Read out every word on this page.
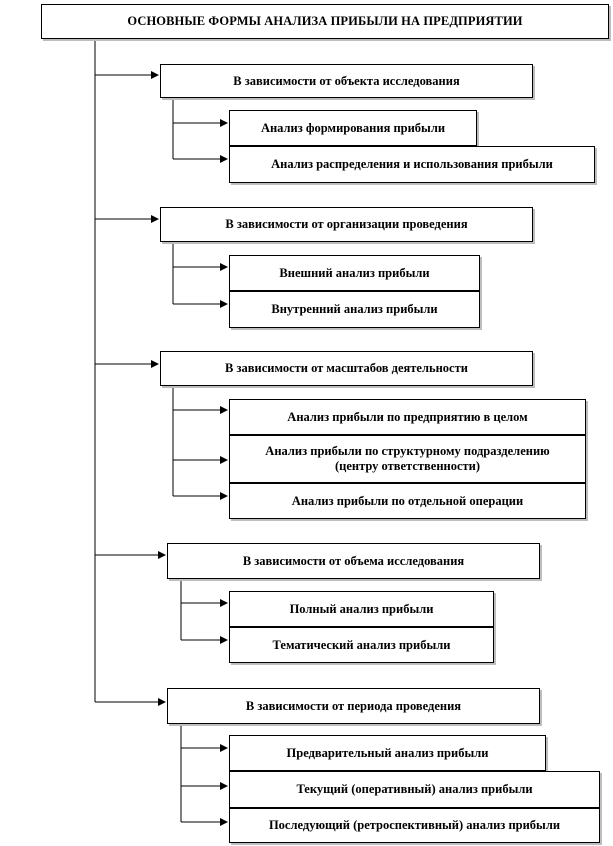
ОСНОВНЫЕ ФОРМЫ АНАЛИЗА ПРИБЫЛИ НА ПРЕДПРИЯТИИ
В зависимости от объекта исследования
Анализ формирования прибыли
Анализ распределения и использования прибыли
В зависимости от организации проведения
Внешний анализ прибыли
Внутренний анализ прибыли
В зависимости от масштабов деятельности
Анализ прибыли по предприятию в целом
Анализ прибыли по структурному подразделению (центру ответственности)
Анализ прибыли по отдельной операции
В зависимости от объема исследования
Полный анализ прибыли
Тематический анализ прибыли
В зависимости от периода проведения
Предварительный анализ прибыли
Текущий (оперативный) анализ прибыли
Последующий (ретроспективный) анализ прибыли
